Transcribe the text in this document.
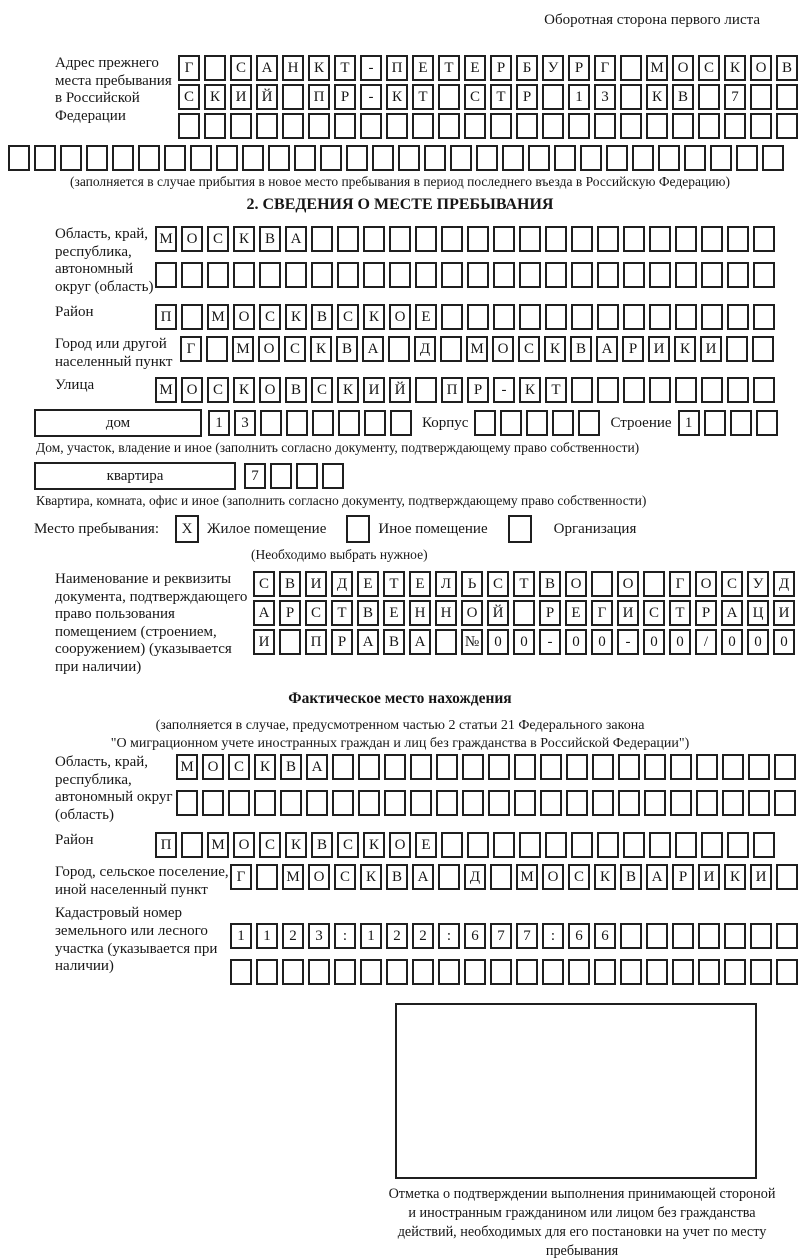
Оборотная сторона первого листа
Адрес прежнего места пребывания в Российской Федерации
Г	С	А	Н	К	Т	-	П	Е	Т	Е	Р	Б	У	Р	Г	М О	С	К	О	В
С	К	И	Й	П	Р	-	К	Т	С	Т	Р	1	3	К	В	7
(заполняется в случае прибытия в новое место пребывания в период последнего въезда в Российскую Федерацию)
2. СВЕДЕНИЯ О МЕСТЕ ПРЕБЫВАНИЯ
Область, край, республика, автономный округ (область)
М О	С	К	В	А
Район	П	М О	С	К	В	С	К	О	Е
Город или другой населенный пункт
Г	М О	С	К	В	А	Д	М О	С	К	В	А	Р	И	К	И
Улица	М О	С	К	О	В	С	К	И	Й	П	Р	-	К	Т
дом	1	3	Корпус	Строение 1
Дом, участок, владение и иное (заполнить согласно документу, подтверждающему право собственности)
квартира	7
Квартира, комната, офис и иное (заполнить согласно документу, подтверждающему право собственности)
Место пребывания:	X Жилое помещение	Иное помещение	Организация
(Необходимо выбрать нужное)
Наименование и реквизиты документа, подтверждающего право пользования помещением (строением, сооружением) (указывается при наличии)
С	В	И	Д	Е	Т	Е	Л	Ь	С	Т	В	О	О	Г	О	С	У	Д
А	Р	С	Т	В	Е	Н	Н	О	Й	Р	Е	Г	И	С	Т	Р	А	Ц	И
И	П	Р	А	В	А	№	0	0	-	0	0	-	0	0	/	0	0	0
Фактическое место нахождения
(заполняется в случае, предусмотренном частью 2 статьи 21 Федерального закона
"О миграционном учете иностранных граждан и лиц без гражданства в Российской Федерации")
Область, край, республика, автономный округ (область)
М О	С	К	В	А
Район	П	М О	С	К	В	С	К	О	Е
Город, сельское поселение, иной населенный пункт
Г	М О	С	К	В	А	Д	М О	С	К	В	А	Р	И	К	И
Кадастровый номер земельного или лесного участка (указывается при наличии)
1	1	2	3	:	1	2	2	:	6	7	7	:	6	6
Отметка о подтверждении выполнения принимающей стороной и иностранным гражданином или лицом без гражданства действий, необходимых для его постановки на учет по месту пребывания
